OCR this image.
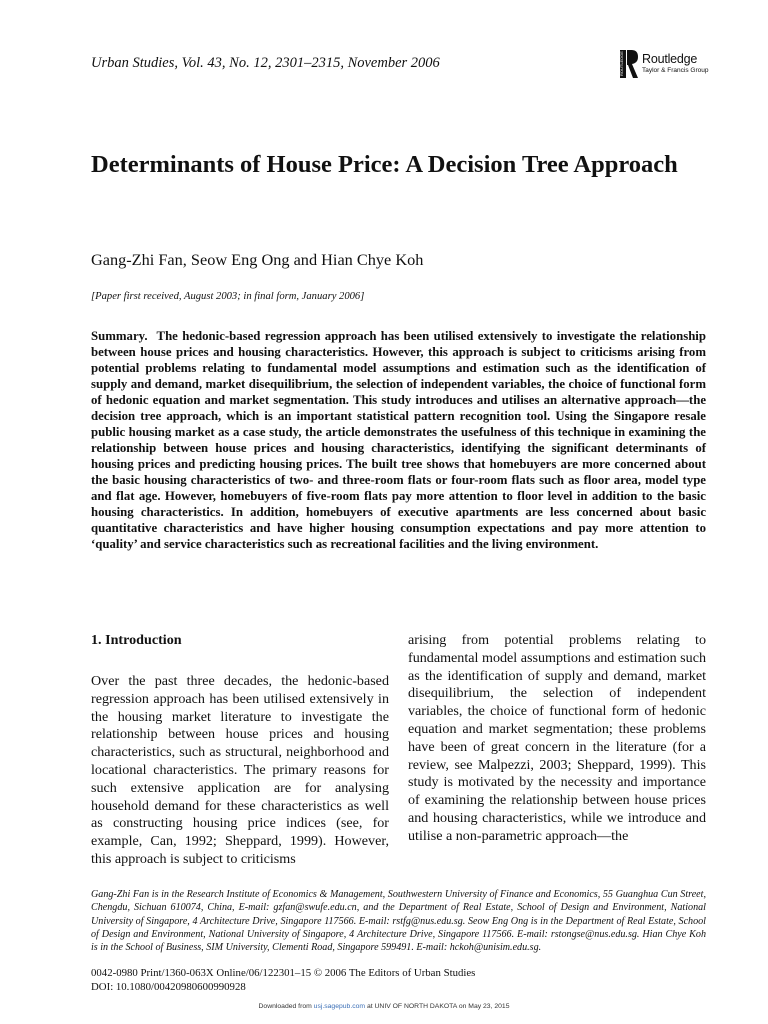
Urban Studies, Vol. 43, No. 12, 2301–2315, November 2006	ROUTLEDGE Routledge
Taylor & Francis Group
Determinants of House Price: A Decision Tree Approach
Gang-Zhi Fan, Seow Eng Ong and Hian Chye Koh
[Paper first received, August 2003; in final form, January 2006]

Summary. The hedonic-based regression approach has been utilised extensively to investigate the relationship between house prices and housing characteristics. However, this approach is subject to criticisms arising from potential problems relating to fundamental model assumptions and estimation such as the identification of supply and demand, market disequilibrium, the selection of independent variables, the choice of functional form of hedonic equation and market segmentation. This study introduces and utilises an alternative approach—the decision tree approach, which is an important statistical pattern recognition tool. Using the Singapore resale public housing market as a case study, the article demonstrates the usefulness of this technique in examining the relationship between house prices and housing characteristics, identifying the significant determinants of housing prices and predicting housing prices. The built tree shows that homebuyers are more concerned about the basic housing characteristics of two- and three-room flats or four-room flats such as floor area, model type and flat age. However, homebuyers of five-room flats pay more attention to floor level in addition to the basic housing characteristics. In addition, homebuyers of executive apartments are less concerned about basic quantitative characteristics and have higher housing consumption expectations and pay more attention to ‘quality’ and service characteristics such as recreational facilities and the living environment.

1. Introduction

Over the past three decades, the hedonic-based regression approach has been utilised extensively in the housing market literature to investigate the relationship between house prices and housing characteristics, such as structural, neighborhood and locational characteristics. The primary reasons for such extensive application are for analysing household demand for these characteristics as well as constructing housing price indices (see, for example, Can, 1992; Sheppard, 1999). However, this approach is subject to criticisms

arising from potential problems relating to fundamental model assumptions and estimation such as the identification of supply and demand, market disequilibrium, the selection of independent variables, the choice of functional form of hedonic equation and market segmentation; these problems have been of great concern in the literature (for a review, see Malpezzi, 2003; Sheppard, 1999). This study is motivated by the necessity and importance of examining the relationship between house prices and housing characteristics, while we introduce and utilise a non-parametric approach—the

Gang-Zhi Fan is in the Research Institute of Economics & Management, Southwestern University of Finance and Economics, 55 Guanghua Cun Street, Chengdu, Sichuan 610074, China, E-mail: gzfan@swufe.edu.cn, and the Department of Real Estate, School of Design and Environment, National University of Singapore, 4 Architecture Drive, Singapore 117566. E-mail: rstfg@nus.edu.sg. Seow Eng Ong is in the Department of Real Estate, School of Design and Environment, National University of Singapore, 4 Architecture Drive, Singapore 117566. E-mail: rstongse@nus.edu.sg. Hian Chye Koh is in the School of Business, SIM University, Clementi Road, Singapore 599491. E-mail: hckoh@unisim.edu.sg.

0042-0980 Print/1360-063X Online/06/122301–15 © 2006 The Editors of Urban Studies
DOI: 10.1080/00420980600990928
Downloaded from usj.sagepub.com at UNIV OF NORTH DAKOTA on May 23, 2015
